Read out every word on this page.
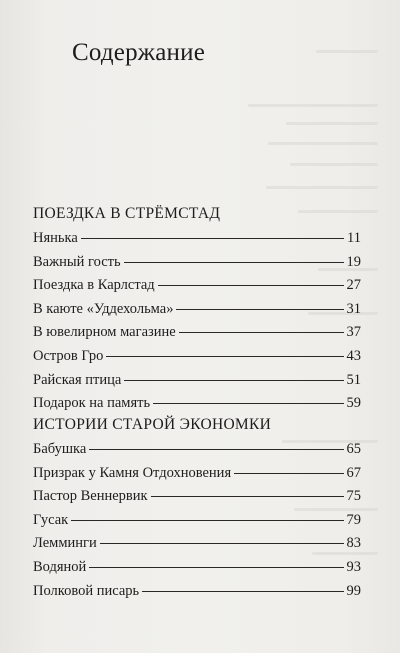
Содержание
ПОЕЗДКА В СТРЁМСТАД
Нянька	11
Важный гость	19
Поездка в Карлстад	27
В каюте «Уддехольма»	31
В ювелирном магазине	37
Остров Гро	43
Райская птица	51
Подарок на память	59
ИСТОРИИ СТАРОЙ ЭКОНОМКИ
Бабушка	65
Призрак у Камня Отдохновения	67
Пастор Веннервик	75
Гусак	79
Лемминги	83
Водяной	93
Полковой писарь	99
